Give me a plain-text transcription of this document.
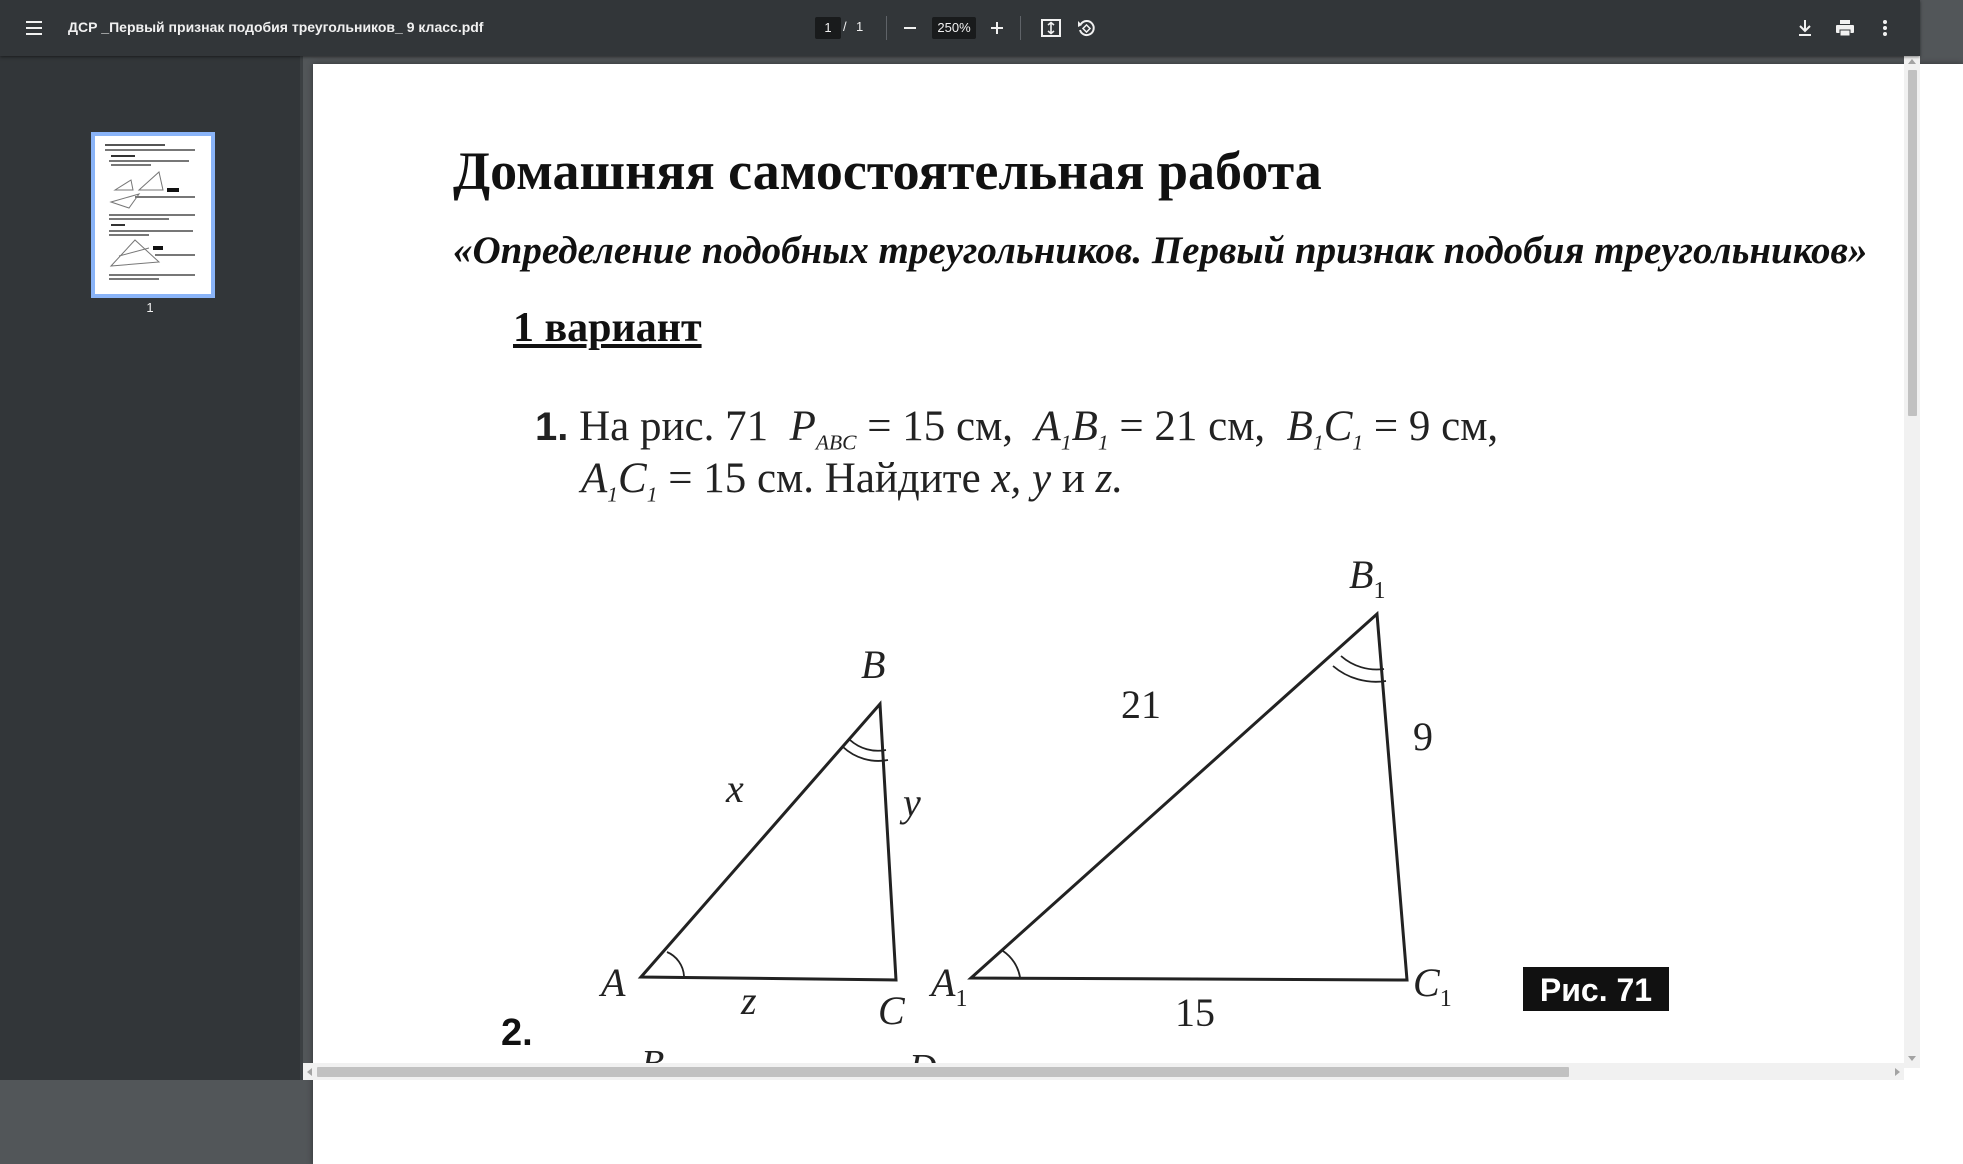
ДСР _Первый признак подобия треугольников_ 9 класс.pdf	1 / 1	250%
1
Домашняя самостоятельная работа
«Определение подобных треугольников. Первый признак подобия треугольников»
1 вариант
1. На рис. 71 $P_{ABC} = 15$ см, $A_1B_1 = 21$ см, $B_1C_1 = 9$ см,
$A_1C_1 = 15$ см. Найдите x, y и z.
A
B
C
x	y
z	$A_1$
$B_1$
$C_1$
21
9
15	Рис. 71
2.
